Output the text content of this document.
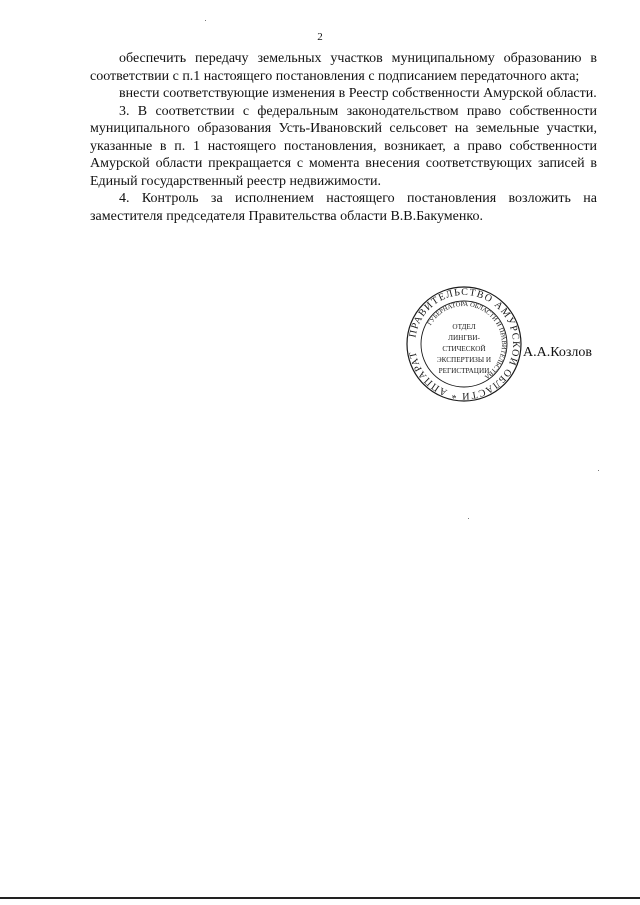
2

обеспечить передачу земельных участков муниципальному образованию в соответствии с п.1 настоящего постановления с подписанием передаточного акта;

внести соответствующие изменения в Реестр собственности Амурской области.

3. В соответствии с федеральным законодательством право собственности муниципального образования Усть-Ивановский сельсовет на земельные участки, указанные в п. 1 настоящего постановления, возникает, а право собственности Амурской области прекращается с момента внесения соответствующих записей в Единый государственный реестр недвижимости.

4. Контроль за исполнением настоящего постановления возложить на заместителя председателя Правительства области В.В.Бакуменко.

ПРАВИТЕЛЬСТВО АМУРСКОЙ ОБЛАСТИ * АППАРАТ
ГУБЕРНАТОРА ОБЛАСТИ И ПРАВИТЕЛЬСТВА
ОТДЕЛ
ЛИНГВИ-
СТИЧЕСКОЙ
ЭКСПЕРТИЗЫ И
РЕГИСТРАЦИИ
А.А.Козлов
